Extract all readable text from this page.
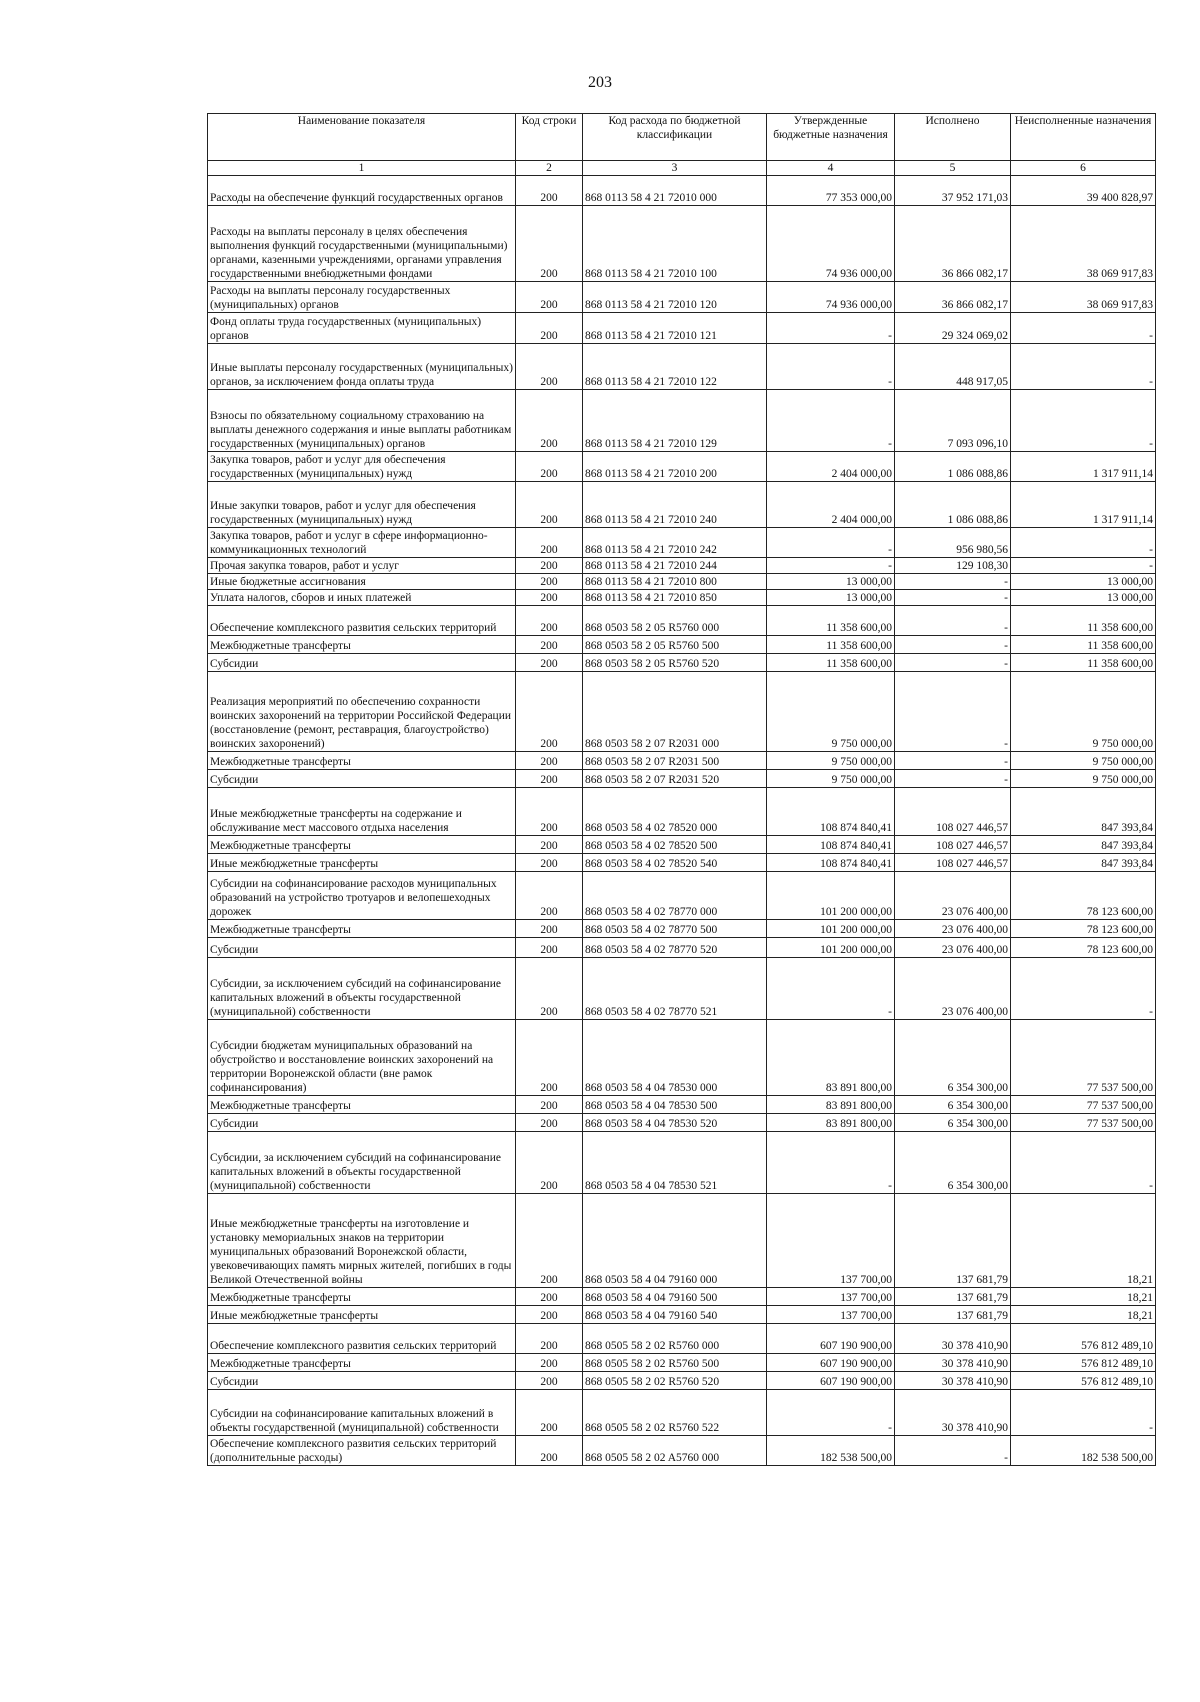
203
Наименование показателя	Код строки	Код расхода по бюджетной классификации	Утвержденные бюджетные назначения	Исполнено	Неисполненные назначения
1	2	3	4	5	6
Расходы на обеспечение функций государственных органов	200	868 0113 58 4 21 72010 000	77 353 000,00	37 952 171,03	39 400 828,97
Расходы на выплаты персоналу в целях обеспечения выполнения функций государственными (муниципальными) органами, казенными учреждениями, органами управления государственными внебюджетными фондами	200	868 0113 58 4 21 72010 100	74 936 000,00	36 866 082,17	38 069 917,83
Расходы на выплаты персоналу государственных (муниципальных) органов	200	868 0113 58 4 21 72010 120	74 936 000,00	36 866 082,17	38 069 917,83
Фонд оплаты труда государственных (муниципальных) органов	200	868 0113 58 4 21 72010 121	-	29 324 069,02	-
Иные выплаты персоналу государственных (муниципальных) органов, за исключением фонда оплаты труда	200	868 0113 58 4 21 72010 122	-	448 917,05	-
Взносы по обязательному социальному страхованию на выплаты денежного содержания и иные выплаты работникам государственных (муниципальных) органов	200	868 0113 58 4 21 72010 129	-	7 093 096,10	-
Закупка товаров, работ и услуг для обеспечения государственных (муниципальных) нужд	200	868 0113 58 4 21 72010 200	2 404 000,00	1 086 088,86	1 317 911,14
Иные закупки товаров, работ и услуг для обеспечения государственных (муниципальных) нужд	200	868 0113 58 4 21 72010 240	2 404 000,00	1 086 088,86	1 317 911,14
Закупка товаров, работ и услуг в сфере информационно-коммуникационных технологий	200	868 0113 58 4 21 72010 242	-	956 980,56	-
Прочая закупка товаров, работ и услуг	200	868 0113 58 4 21 72010 244	-	129 108,30	-
Иные бюджетные ассигнования	200	868 0113 58 4 21 72010 800	13 000,00	-	13 000,00
Уплата налогов, сборов и иных платежей	200	868 0113 58 4 21 72010 850	13 000,00	-	13 000,00
Обеспечение комплексного развития сельских территорий	200	868 0503 58 2 05 R5760 000	11 358 600,00	-	11 358 600,00
Межбюджетные трансферты	200	868 0503 58 2 05 R5760 500	11 358 600,00	-	11 358 600,00
Субсидии	200	868 0503 58 2 05 R5760 520	11 358 600,00	-	11 358 600,00
Реализация мероприятий по обеспечению сохранности воинских захоронений на территории Российской Федерации (восстановление (ремонт, реставрация, благоустройство) воинских захоронений)	200	868 0503 58 2 07 R2031 000	9 750 000,00	-	9 750 000,00
Межбюджетные трансферты	200	868 0503 58 2 07 R2031 500	9 750 000,00	-	9 750 000,00
Субсидии	200	868 0503 58 2 07 R2031 520	9 750 000,00	-	9 750 000,00
Иные межбюджетные трансферты на содержание и обслуживание мест массового отдыха населения	200	868 0503 58 4 02 78520 000	108 874 840,41	108 027 446,57	847 393,84
Межбюджетные трансферты	200	868 0503 58 4 02 78520 500	108 874 840,41	108 027 446,57	847 393,84
Иные межбюджетные трансферты	200	868 0503 58 4 02 78520 540	108 874 840,41	108 027 446,57	847 393,84
Субсидии на софинансирование расходов муниципальных образований на устройство тротуаров и велопешеходных дорожек	200	868 0503 58 4 02 78770 000	101 200 000,00	23 076 400,00	78 123 600,00
Межбюджетные трансферты	200	868 0503 58 4 02 78770 500	101 200 000,00	23 076 400,00	78 123 600,00
Субсидии	200	868 0503 58 4 02 78770 520	101 200 000,00	23 076 400,00	78 123 600,00
Субсидии, за исключением субсидий на софинансирование капитальных вложений в объекты государственной (муниципальной) собственности	200	868 0503 58 4 02 78770 521	-	23 076 400,00	-
Субсидии бюджетам муниципальных образований на обустройство и восстановление воинских захоронений на территории Воронежской области (вне рамок софинансирования)	200	868 0503 58 4 04 78530 000	83 891 800,00	6 354 300,00	77 537 500,00
Межбюджетные трансферты	200	868 0503 58 4 04 78530 500	83 891 800,00	6 354 300,00	77 537 500,00
Субсидии	200	868 0503 58 4 04 78530 520	83 891 800,00	6 354 300,00	77 537 500,00
Субсидии, за исключением субсидий на софинансирование капитальных вложений в объекты государственной (муниципальной) собственности	200	868 0503 58 4 04 78530 521	-	6 354 300,00	-
Иные межбюджетные трансферты на изготовление и установку мемориальных знаков на территории муниципальных образований Воронежской области, увековечивающих память мирных жителей, погибших в годы Великой Отечественной войны	200	868 0503 58 4 04 79160 000	137 700,00	137 681,79	18,21
Межбюджетные трансферты	200	868 0503 58 4 04 79160 500	137 700,00	137 681,79	18,21
Иные межбюджетные трансферты	200	868 0503 58 4 04 79160 540	137 700,00	137 681,79	18,21
Обеспечение комплексного развития сельских территорий	200	868 0505 58 2 02 R5760 000	607 190 900,00	30 378 410,90	576 812 489,10
Межбюджетные трансферты	200	868 0505 58 2 02 R5760 500	607 190 900,00	30 378 410,90	576 812 489,10
Субсидии	200	868 0505 58 2 02 R5760 520	607 190 900,00	30 378 410,90	576 812 489,10
Субсидии на софинансирование капитальных вложений в объекты государственной (муниципальной) собственности	200	868 0505 58 2 02 R5760 522	-	30 378 410,90	-
Обеспечение комплексного развития сельских территорий (дополнительные расходы)	200	868 0505 58 2 02 A5760 000	182 538 500,00	-	182 538 500,00
